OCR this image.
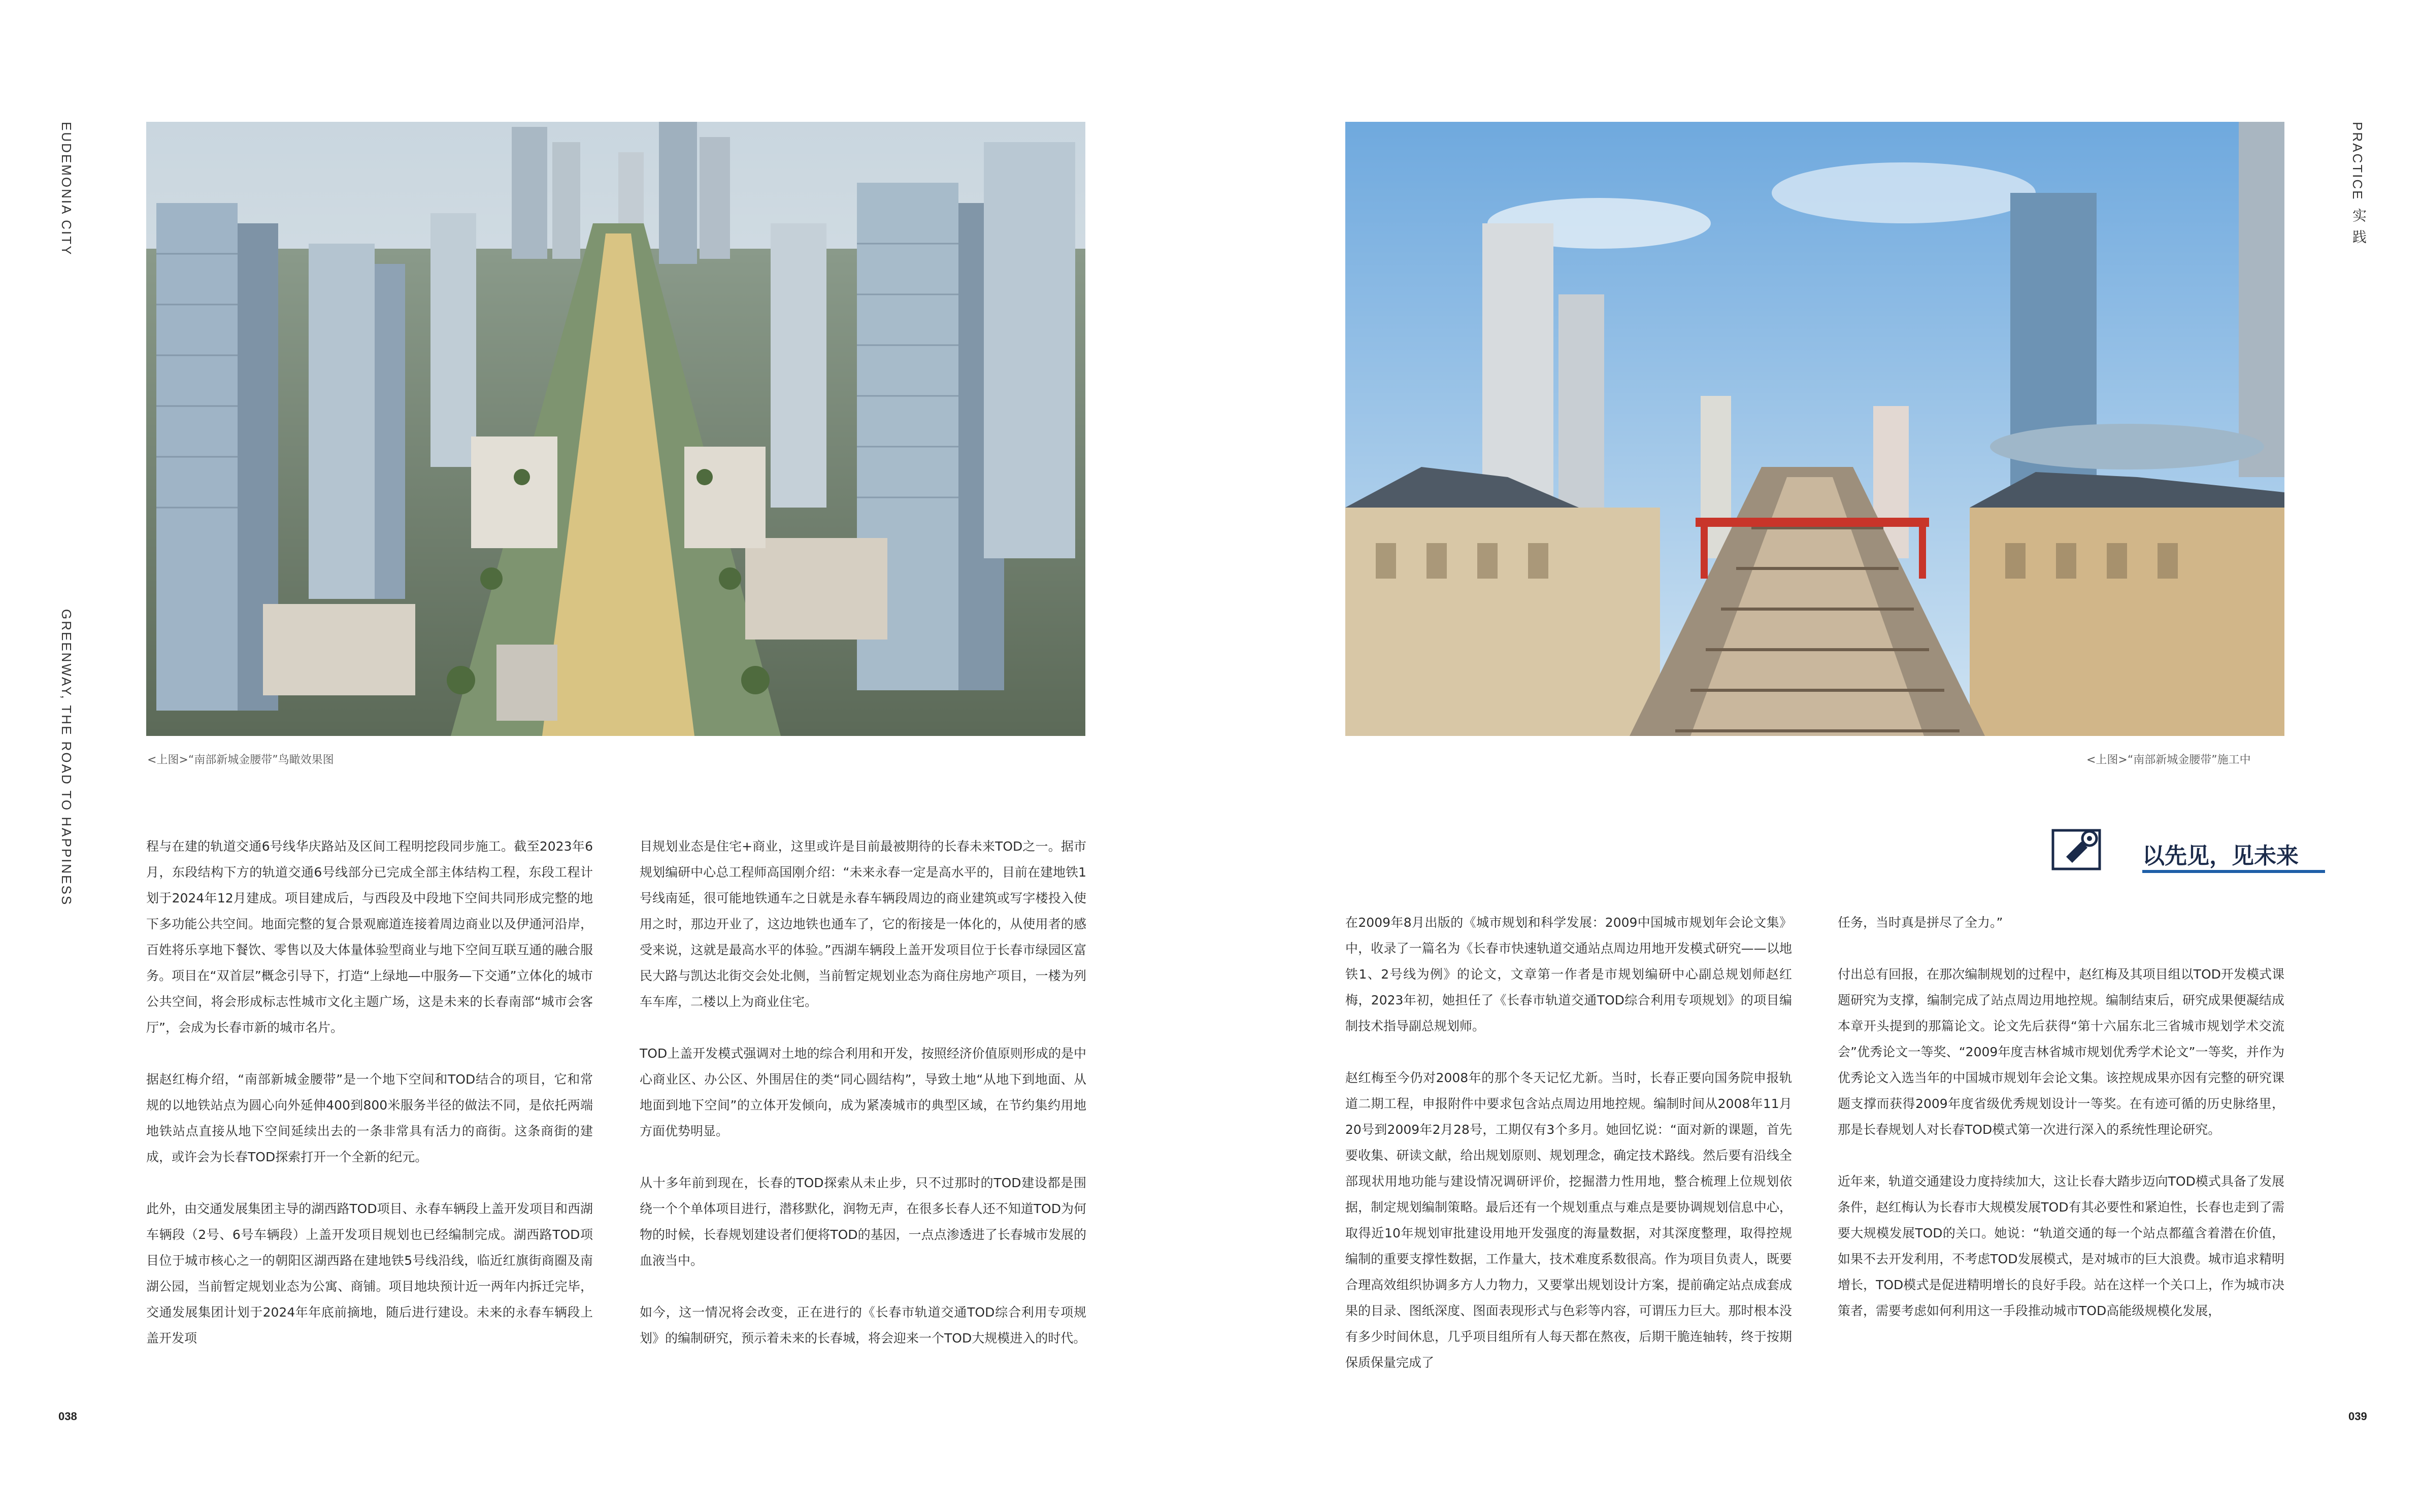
EUDEMONIA CITY
GREENWAY, THE ROAD TO HAPPINESS
PRACTICE
实践
<上图>“南部新城金腰带”鸟瞰效果图	<上图>“南部新城金腰带”施工中

程与在建的轨道交通6号线华庆路站及区间工程明挖段同步施工。截至2023年6月，东段结构下方的轨道交通6号线部分已完成全部主体结构工程，东段工程计划于2024年12月建成。项目建成后，与西段及中段地下空间共同形成完整的地下多功能公共空间。地面完整的复合景观廊道连接着周边商业以及伊通河沿岸，百姓将乐享地下餐饮、零售以及大体量体验型商业与地下空间互联互通的融合服务。项目在“双首层”概念引导下，打造“上绿地—中服务—下交通”立体化的城市公共空间，将会形成标志性城市文化主题广场，这是未来的长春南部“城市会客厅”，会成为长春市新的城市名片。

据赵红梅介绍，“南部新城金腰带”是一个地下空间和TOD结合的项目，它和常规的以地铁站点为圆心向外延伸400到800米服务半径的做法不同，是依托两端地铁站点直接从地下空间延续出去的一条非常具有活力的商街。这条商街的建成，或许会为长春TOD探索打开一个全新的纪元。

此外，由交通发展集团主导的湖西路TOD项目、永春车辆段上盖开发项目和西湖车辆段（2号、6号车辆段）上盖开发项目规划也已经编制完成。湖西路TOD项目位于城市核心之一的朝阳区湖西路在建地铁5号线沿线，临近红旗街商圈及南湖公园，当前暂定规划业态为公寓、商铺。项目地块预计近一两年内拆迁完毕，交通发展集团计划于2024年年底前摘地，随后进行建设。未来的永春车辆段上盖开发项

目规划业态是住宅+商业，这里或许是目前最被期待的长春未来TOD之一。据市规划编研中心总工程师高国刚介绍：“未来永春一定是高水平的，目前在建地铁1号线南延，很可能地铁通车之日就是永春车辆段周边的商业建筑或写字楼投入使用之时，那边开业了，这边地铁也通车了，它的衔接是一体化的，从使用者的感受来说，这就是最高水平的体验。”西湖车辆段上盖开发项目位于长春市绿园区富民大路与凯达北街交会处北侧，当前暂定规划业态为商住房地产项目，一楼为列车车库，二楼以上为商业住宅。

TOD上盖开发模式强调对土地的综合利用和开发，按照经济价值原则形成的是中心商业区、办公区、外围居住的类“同心圆结构”，导致土地“从地下到地面、从地面到地下空间”的立体开发倾向，成为紧凑城市的典型区域，在节约集约用地方面优势明显。

从十多年前到现在，长春的TOD探索从未止步，只不过那时的TOD建设都是围绕一个个单体项目进行，潜移默化，润物无声，在很多长春人还不知道TOD为何物的时候，长春规划建设者们便将TOD的基因，一点点渗透进了长春城市发展的血液当中。

如今，这一情况将会改变，正在进行的《长春市轨道交通TOD综合利用专项规划》的编制研究，预示着未来的长春城，将会迎来一个TOD大规模进入的时代。

038
以先见，见未来

在2009年8月出版的《城市规划和科学发展：2009中国城市规划年会论文集》中，收录了一篇名为《长春市快速轨道交通站点周边用地开发模式研究——以地铁1、2号线为例》的论文，文章第一作者是市规划编研中心副总规划师赵红梅，2023年初，她担任了《长春市轨道交通TOD综合利用专项规划》的项目编制技术指导副总规划师。

赵红梅至今仍对2008年的那个冬天记忆尤新。当时，长春正要向国务院申报轨道二期工程，申报附件中要求包含站点周边用地控规。编制时间从2008年11月20号到2009年2月28号，工期仅有3个多月。她回忆说：“面对新的课题，首先要收集、研读文献，给出规划原则、规划理念，确定技术路线。然后要有沿线全部现状用地功能与建设情况调研评价，挖掘潜力性用地，整合梳理上位规划依据，制定规划编制策略。最后还有一个规划重点与难点是要协调规划信息中心，取得近10年规划审批建设用地开发强度的海量数据，对其深度整理，取得控规编制的重要支撑性数据，工作量大，技术难度系数很高。作为项目负责人，既要合理高效组织协调多方人力物力，又要掌出规划设计方案，提前确定站点成套成果的目录、图纸深度、图面表现形式与色彩等内容，可谓压力巨大。那时根本没有多少时间休息，几乎项目组所有人每天都在熬夜，后期干脆连轴转，终于按期保质保量完成了

任务，当时真是拼尽了全力。”

付出总有回报，在那次编制规划的过程中，赵红梅及其项目组以TOD开发模式课题研究为支撑，编制完成了站点周边用地控规。编制结束后，研究成果便凝结成本章开头提到的那篇论文。论文先后获得“第十六届东北三省城市规划学术交流会”优秀论文一等奖、“2009年度吉林省城市规划优秀学术论文”一等奖，并作为优秀论文入选当年的中国城市规划年会论文集。该控规成果亦因有完整的研究课题支撑而获得2009年度省级优秀规划设计一等奖。在有迹可循的历史脉络里，那是长春规划人对长春TOD模式第一次进行深入的系统性理论研究。

近年来，轨道交通建设力度持续加大，这让长春大踏步迈向TOD模式具备了发展条件，赵红梅认为长春市大规模发展TOD有其必要性和紧迫性，长春也走到了需要大规模发展TOD的关口。她说：“轨道交通的每一个站点都蕴含着潜在价值，如果不去开发利用，不考虑TOD发展模式，是对城市的巨大浪费。城市追求精明增长，TOD模式是促进精明增长的良好手段。站在这样一个关口上，作为城市决策者，需要考虑如何利用这一手段推动城市TOD高能级规模化发展，

039
